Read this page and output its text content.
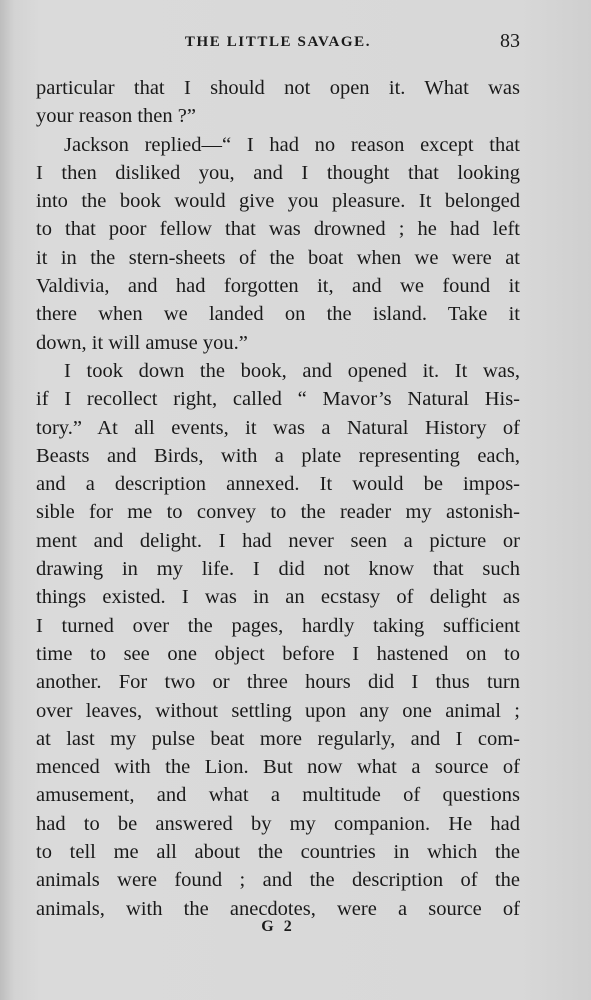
THE LITTLE SAVAGE.	83
particular that I should not open it. What was
your reason then ?”
Jackson replied—“ I had no reason except that
I then disliked you, and I thought that looking
into the book would give you pleasure. It belonged
to that poor fellow that was drowned ; he had left
it in the stern-sheets of the boat when we were at
Valdivia, and had forgotten it, and we found it
there when we landed on the island. Take it
down, it will amuse you.”
I took down the book, and opened it. It was,
if I recollect right, called “ Mavor’s Natural His-
tory.” At all events, it was a Natural History of
Beasts and Birds, with a plate representing each,
and a description annexed. It would be impos-
sible for me to convey to the reader my astonish-
ment and delight. I had never seen a picture or
drawing in my life. I did not know that such
things existed. I was in an ecstasy of delight as
I turned over the pages, hardly taking sufficient
time to see one object before I hastened on to
another. For two or three hours did I thus turn
over leaves, without settling upon any one animal ;
at last my pulse beat more regularly, and I com-
menced with the Lion. But now what a source of
amusement, and what a multitude of questions
had to be answered by my companion. He had
to tell me all about the countries in which the
animals were found ; and the description of the
animals, with the anecdotes, were a source of
G 2
